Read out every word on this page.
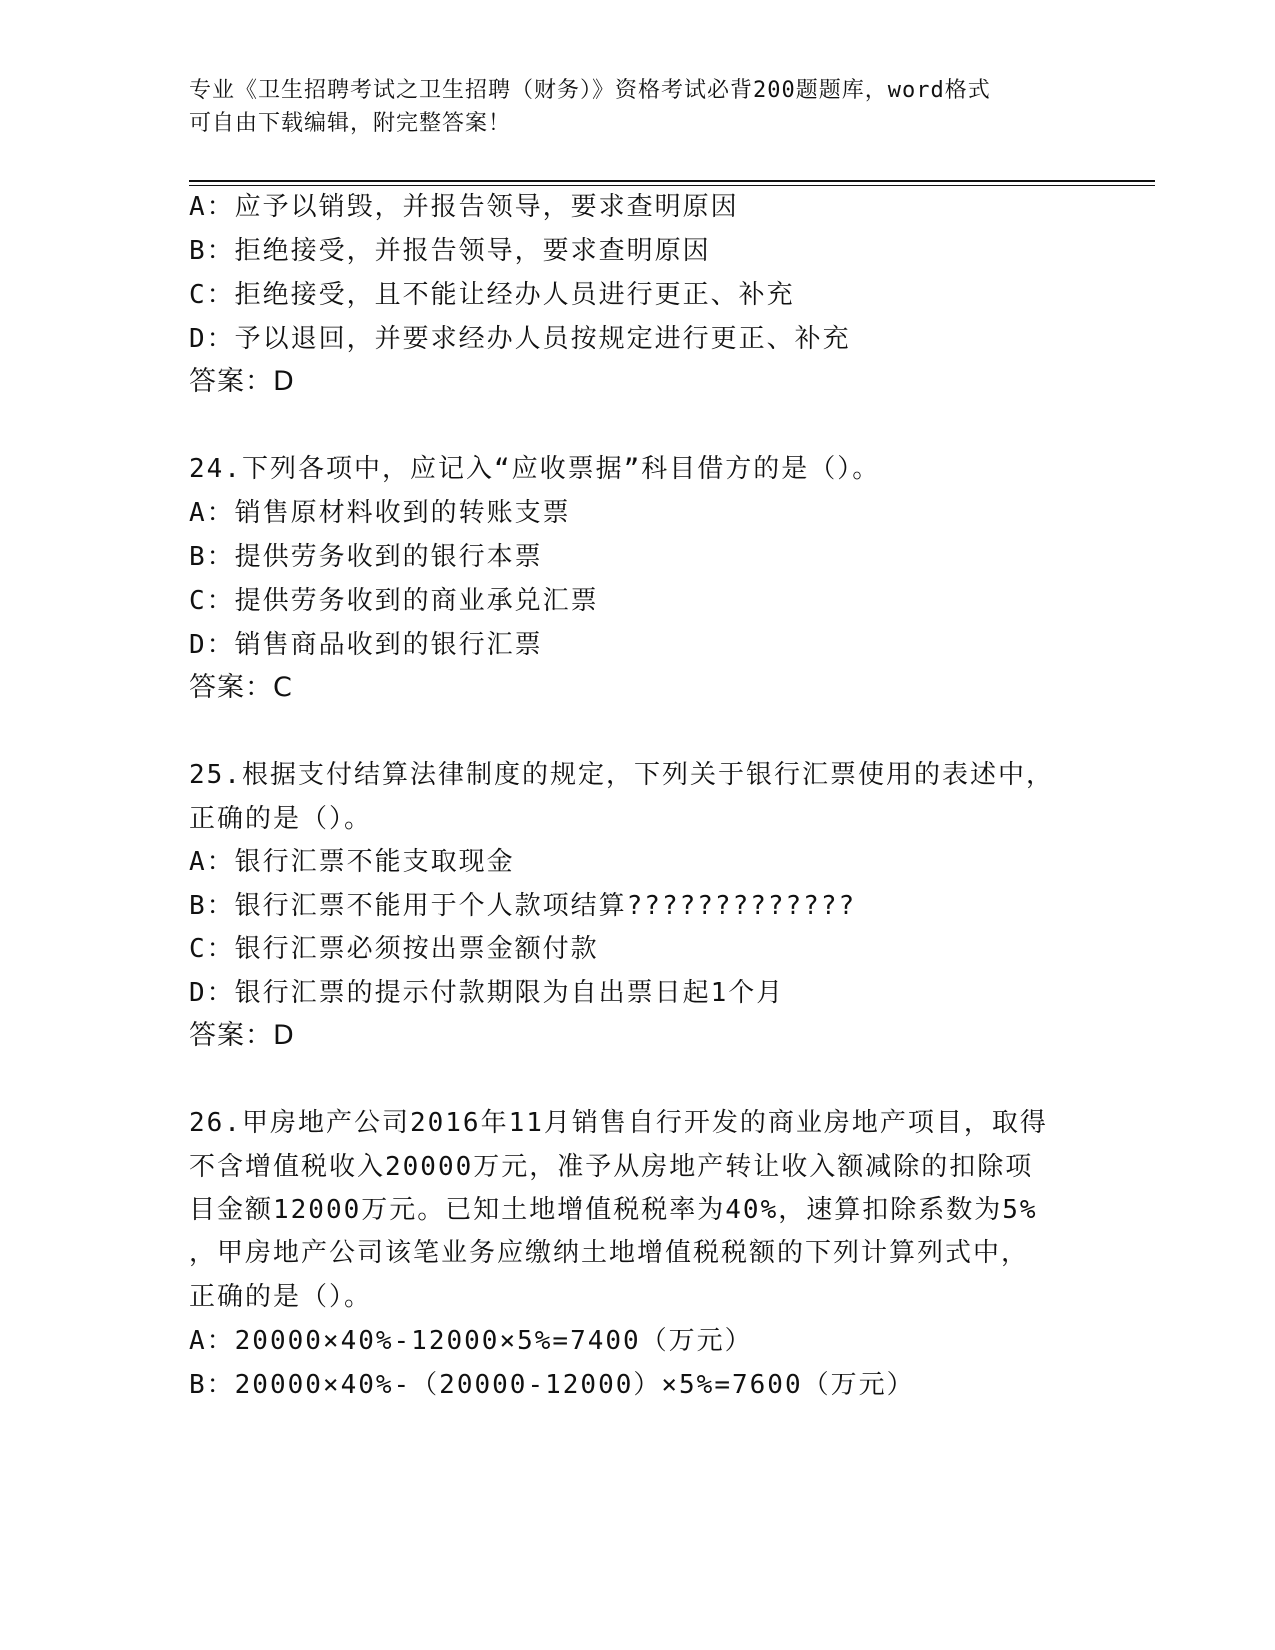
专业《卫生招聘考试之卫生招聘（财务）》资格考试必背200题题库，word格式
可自由下载编辑，附完整答案！
A：应予以销毁，并报告领导，要求查明原因
B：拒绝接受，并报告领导，要求查明原因
C：拒绝接受，且不能让经办人员进行更正、补充
D：予以退回，并要求经办人员按规定进行更正、补充
答案：D
24.下列各项中，应记入“应收票据”科目借方的是（）。
A：销售原材料收到的转账支票
B：提供劳务收到的银行本票
C：提供劳务收到的商业承兑汇票
D：销售商品收到的银行汇票
答案：C
25.根据支付结算法律制度的规定，下列关于银行汇票使用的表述中，
正确的是（）。
A：银行汇票不能支取现金
B：银行汇票不能用于个人款项结算?????????????
C：银行汇票必须按出票金额付款
D：银行汇票的提示付款期限为自出票日起1个月
答案：D
26.甲房地产公司2016年11月销售自行开发的商业房地产项目，取得
不含增值税收入20000万元，准予从房地产转让收入额减除的扣除项
目金额12000万元。已知土地增值税税率为40%，速算扣除系数为5%
，甲房地产公司该笔业务应缴纳土地增值税税额的下列计算列式中，
正确的是（）。
A：20000×40%-12000×5%=7400（万元）
B：20000×40%-（20000-12000）×5%=7600（万元）
